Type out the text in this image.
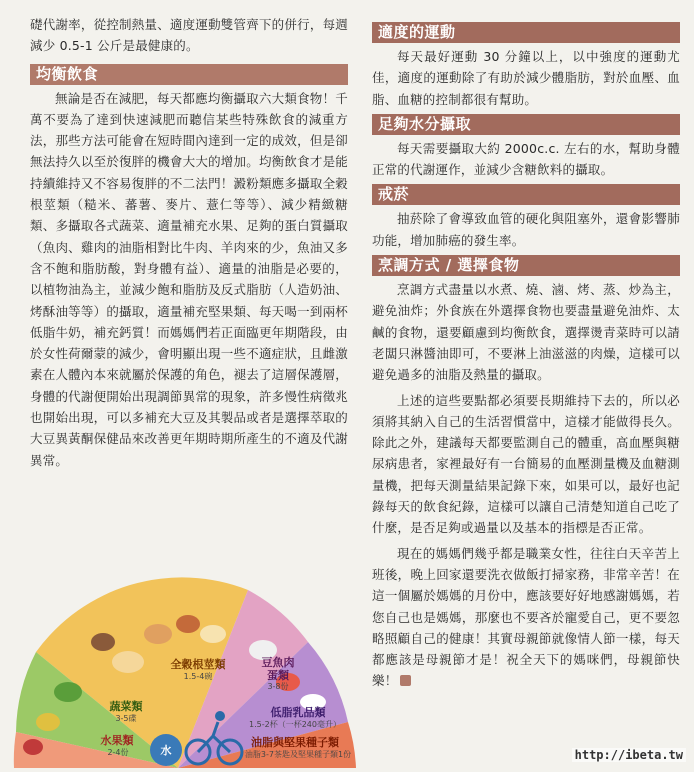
礎代謝率，從控制熱量、適度運動雙管齊下的併行，每週減少 0.5-1 公斤是最健康的。

均衡飲食

無論是否在減肥，每天都應均衡攝取六大類食物！千萬不要為了達到快速減肥而聽信某些特殊飲食的減重方法，那些方法可能會在短時間內達到一定的成效，但是卻無法持久以至於復胖的機會大大的增加。均衡飲食才是能持續維持又不容易復胖的不二法門！澱粉類應多攝取全穀根莖類（糙米、蕃薯、麥片、薏仁等等）、減少精緻糖類、多攝取各式蔬菜、適量補充水果、足夠的蛋白質攝取（魚肉、雞肉的油脂相對比牛肉、羊肉來的少，魚油又多含不飽和脂肪酸，對身體有益）、適量的油脂是必要的，以植物油為主，並減少飽和脂肪及反式脂肪（人造奶油、烤酥油等等）的攝取，適量補充堅果類、每天喝一到兩杯低脂牛奶，補充鈣質！而媽媽們若正面臨更年期階段，由於女性荷爾蒙的減少，會明顯出現一些不適症狀，且雌激素在人體內本來就屬於保護的角色，褪去了這層保護層，身體的代謝便開始出現調節異常的現象，許多慢性病徵兆也開始出現，可以多補充大豆及其製品或者是選擇萃取的大豆異黃酮保健品來改善更年期時期所產生的不適及代謝異常。

全穀根莖類
1.5-4碗
蔬菜類
3-5碟
水果類
2-4份
豆魚肉蛋類
3-8份
低脂乳品類
1.5-2杯（一杯240毫升）
油脂與堅果種子類
油脂3-7茶匙及堅果種子類1份
水
適度的運動

每天最好運動 30 分鐘以上，以中強度的運動尤佳，適度的運動除了有助於減少體脂肪，對於血壓、血脂、血糖的控制都很有幫助。

足夠水分攝取

每天需要攝取大約 2000c.c. 左右的水，幫助身體正常的代謝運作，並減少含糖飲料的攝取。

戒菸

抽菸除了會導致血管的硬化與阻塞外，還會影響肺功能，增加肺癌的發生率。

烹調方式 / 選擇食物

烹調方式盡量以水煮、燒、滷、烤、蒸、炒為主，避免油炸；外食族在外選擇食物也要盡量避免油炸、太鹹的食物，還要顧慮到均衡飲食，選擇燙青菜時可以請老闆只淋醬油即可，不要淋上油滋滋的肉燥，這樣可以避免過多的油脂及熱量的攝取。

上述的這些要點都必須要長期維持下去的，所以必須將其納入自己的生活習慣當中，這樣才能做得長久。除此之外，建議每天都要監測自己的體重，高血壓與糖尿病患者，家裡最好有一台簡易的血壓測量機及血糖測量機，把每天測量結果記錄下來，如果可以，最好也記錄每天的飲食紀錄，這樣可以讓自己清楚知道自己吃了什麼，是否足夠或過量以及基本的指標是否正常。

現在的媽媽們幾乎都是職業女性，往往白天辛苦上班後，晚上回家還要洗衣做飯打掃家務，非常辛苦！在這一個屬於媽媽的月份中，應該要好好地感謝媽媽，若您自己也是媽媽，那麼也不要吝於寵愛自己，更不要忽略照顧自己的健康！其實母親節就像情人節一樣，每天都應該是母親節才是！祝全天下的媽咪們，母親節快樂！

http://ibeta.tw
